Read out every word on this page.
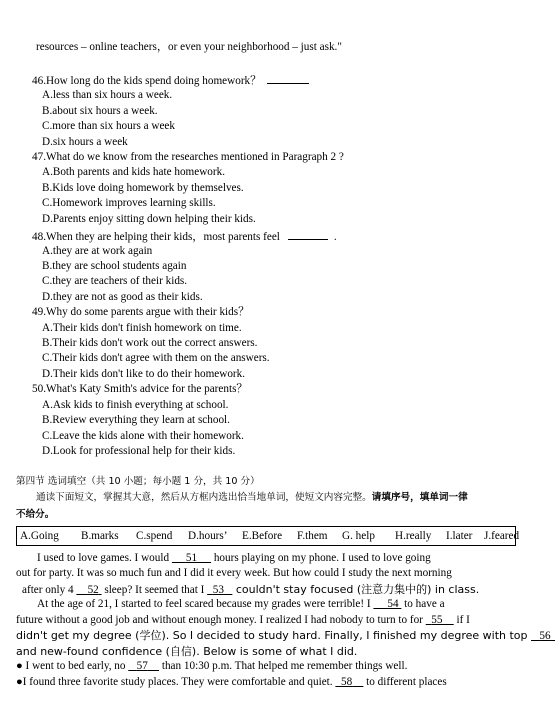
resources – online teachers，or even your neighborhood – just ask."
46.How long do the kids spend doing homework？
A.less than six hours a week.
B.about six hours a week.
C.more than six hours a week
D.six hours a week
47.What do we know from the researches mentioned in Paragraph 2 ?
A.Both parents and kids hate homework.
B.Kids love doing homework by themselves.
C.Homework improves learning skills.
D.Parents enjoy sitting down helping their kids.
48.When they are helping their kids，most parents feel	.
A.they are at work again
B.they are school students again
C.they are teachers of their kids.
D.they are not as good as their kids.
49.Why do some parents argue with their kids？
A.Their kids don't finish homework on time.
B.Their kids don't work out the correct answers.
C.Their kids don't agree with them on the answers.
D.Their kids don't like to do their homework.
50.What's Katy Smith's advice for the parents？
A.Ask kids to finish everything at school.
B.Review everything they learn at school.
C.Leave the kids alone with their homework.
D.Look for professional help for their kids.
第四节 选词填空（共 10 小题；每小题 1 分，共 10 分）
通读下面短文，掌握其大意，然后从方框内选出恰当地单词，使短文内容完整。请填序号，填单词一律
不给分。
A.Going B.marks C.spend D.hours’ E.Before F.them G. help H.really I.later J.feared
I used to love games. I would      51      hours playing on my phone. I used to love going
out for party. It was so much fun and I did it every week. But how could I study the next morning
after only 4     52  sleep? It seemed that I   53    couldn't stay focused (注意力集中的) in class.
At the age of 21, I started to feel scared because my grades were terrible! I      54  to have a
future without a good job and without enough money. I realized I had nobody to turn to for   55     if I
didn't get my degree (学位). So I decided to study hard. Finally, I finished my degree with top    56
and new-found confidence (自信). Below is some of what I did.
● I went to bed early, no    57     than 10:30 p.m. That helped me remember things well.
●I found three favorite study places. They were comfortable and quiet.   58     to different places
